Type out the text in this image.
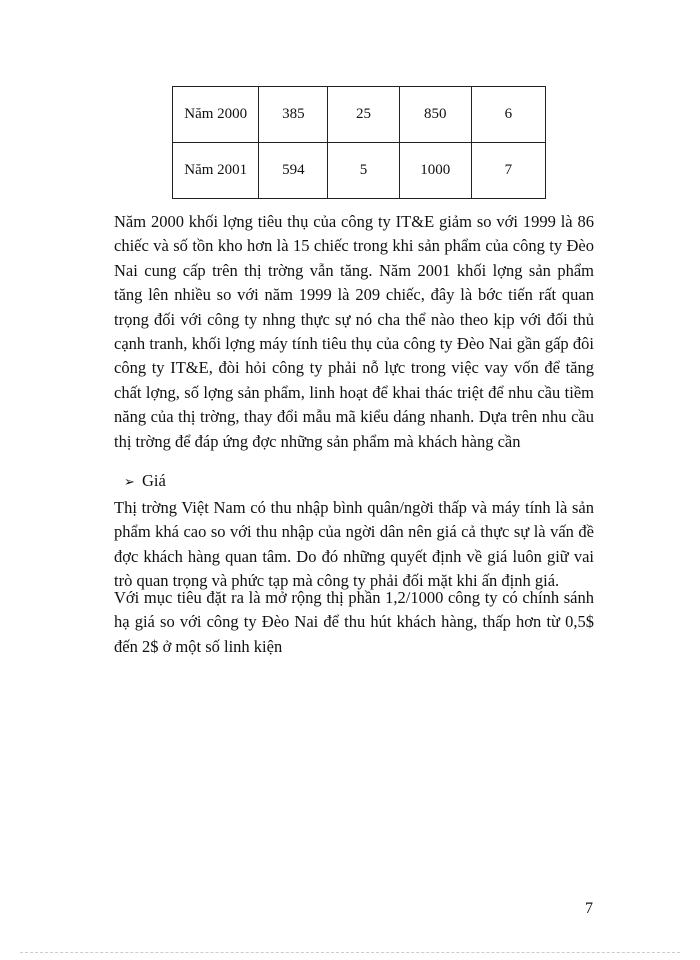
Năm 2000	385	25	850	6
Năm 2001	594	5	1000	7

Năm 2000 khối lợng tiêu thụ của công ty IT&E giảm so với 1999 là 86 chiếc và số tồn kho hơn là 15 chiếc trong khi sản phẩm của công ty Đèo Nai cung cấp trên thị trờng vẫn tăng. Năm 2001 khối lợng sản phẩm tăng lên nhiều so với năm 1999 là 209 chiếc, đây là bớc tiến rất quan trọng đối với công ty nhng thực sự nó cha thể nào theo kịp với đối thủ cạnh tranh, khối lợng máy tính tiêu thụ của công ty Đèo Nai gần gấp đôi công ty IT&E, đòi hỏi công ty phải nỗ lực trong việc vay vốn để tăng chất lợng, số lợng sản phẩm, linh hoạt để khai thác triệt để nhu cầu tiềm năng của thị trờng, thay đổi mẫu mã kiểu dáng nhanh. Dựa trên nhu cầu thị trờng để đáp ứng đợc những sản phẩm mà khách hàng cần

➢ Giá

Thị trờng Việt Nam có thu nhập bình quân/ngời thấp và máy tính là sản phẩm khá cao so với thu nhập của ngời dân nên giá cả thực sự là vấn đề đợc khách hàng quan tâm. Do đó những quyết định về giá luôn giữ vai trò quan trọng và phức tạp mà công ty phải đối mặt khi ấn định giá.

Với mục tiêu đặt ra là mở rộng thị phần 1,2/1000 công ty có chính sánh hạ giá so với công ty Đèo Nai để thu hút khách hàng, thấp hơn từ 0,5$ đến 2$ ở một số linh kiện

7
